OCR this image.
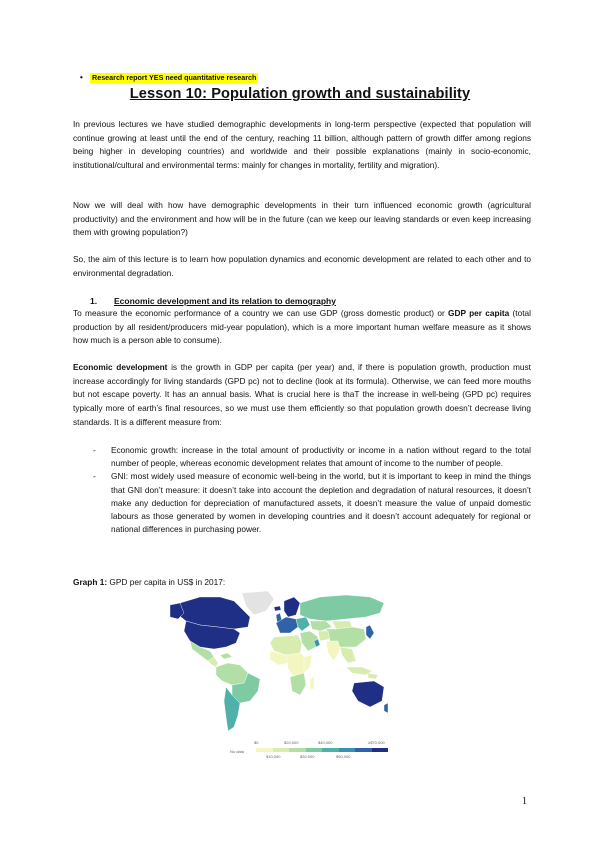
• Research report YES need quantitative research
Lesson 10: Population growth and sustainability

In previous lectures we have studied demographic developments in long-term perspective (expected that population will continue growing at least until the end of the century, reaching 11 billion, although pattern of growth differ among regions being higher in developing countries) and worldwide and their possible explanations (mainly in socio-economic, institutional/cultural and environmental terms: mainly for changes in mortality, fertility and migration).

Now we will deal with how have demographic developments in their turn influenced economic growth (agricultural productivity) and the environment and how will be in the future (can we keep our leaving standards or even keep increasing them with growing population?)

So, the aim of this lecture is to learn how population dynamics and economic development are related to each other and to environmental degradation.

1. Economic development and its relation to demography

To measure the economic performance of a country we can use GDP (gross domestic product) or GDP per capita (total production by all resident/producers mid-year population), which is a more important human welfare measure as it shows how much is a person able to consume).

Economic development is the growth in GDP per capita (per year) and, if there is population growth, production must increase accordingly for living standards (GPD pc) not to decline (look at its formula). Otherwise, we can feed more mouths but not escape poverty. It has an annual basis. What is crucial here is thaT the increase in well-being (GPD pc) requires typically more of earth’s final resources, so we must use them efficiently so that population growth doesn’t decrease living standards. It is a different measure from:

- Economic growth: increase in the total amount of productivity or income in a nation without regard to the total number of people, whereas economic development relates that amount of income to the number of people.
- GNI: most widely used measure of economic well-being in the world, but it is important to keep in mind the things that GNI don’t measure: it doesn’t take into account the depletion and degradation of natural resources, it doesn’t make any deduction for depreciation of manufactured assets, it doesn’t measure the value of unpaid domestic labours as those generated by women in developing countries and it doesn’t account adequately for regional or national differences in purchasing power.
Graph 1: GPD per capita in US$ in 2017:
No data
$0	$20,000	$40,000	≥$70,000
$10,000	$30,000	$50,000
1
